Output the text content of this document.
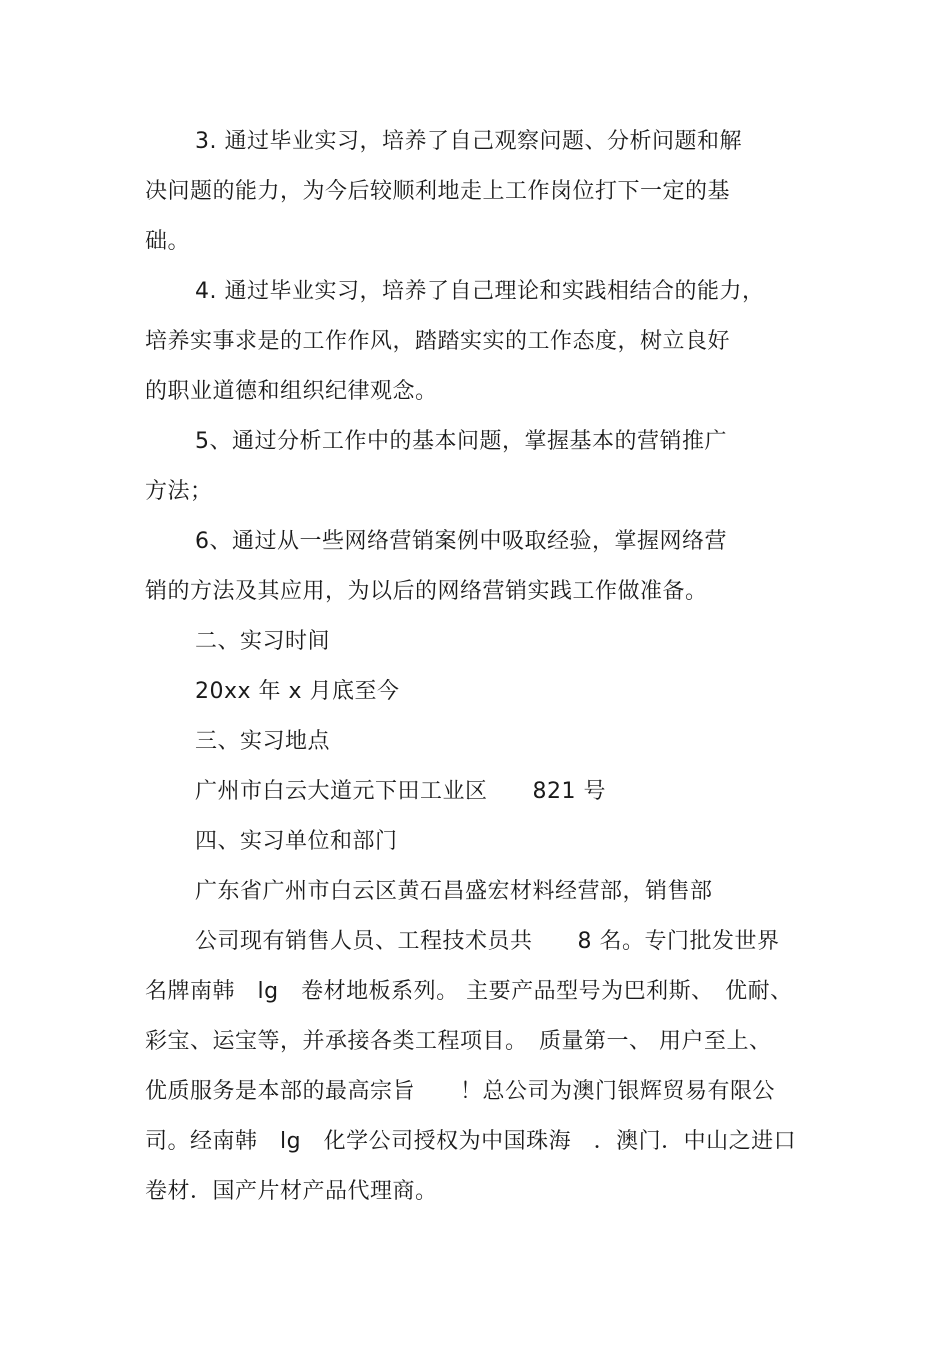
3. 通过毕业实习，培养了自己观察问题、分析问题和解
决问题的能力，为今后较顺利地走上工作岗位打下一定的基
础。
4. 通过毕业实习，培养了自己理论和实践相结合的能力，
培养实事求是的工作作风，踏踏实实的工作态度，树立良好
的职业道德和组织纪律观念。
5、通过分析工作中的基本问题，掌握基本的营销推广
方法；
6、通过从一些网络营销案例中吸取经验，掌握网络营
销的方法及其应用，为以后的网络营销实践工作做准备。
二、实习时间
20xx 年 x 月底至今
三、实习地点
广州市白云大道元下田工业区　　821 号
四、实习单位和部门
广东省广州市白云区黄石昌盛宏材料经营部，销售部
公司现有销售人员、工程技术员共　　8 名。专门批发世界
名牌南韩　lg　卷材地板系列。 主要产品型号为巴利斯、　优耐、
彩宝、运宝等，并承接各类工程项目。　质量第一、 用户至上、
优质服务是本部的最高宗旨　　！总公司为澳门银辉贸易有限公
司。经南韩　lg　化学公司授权为中国珠海　．澳门．中山之进口
卷材．国产片材产品代理商。
